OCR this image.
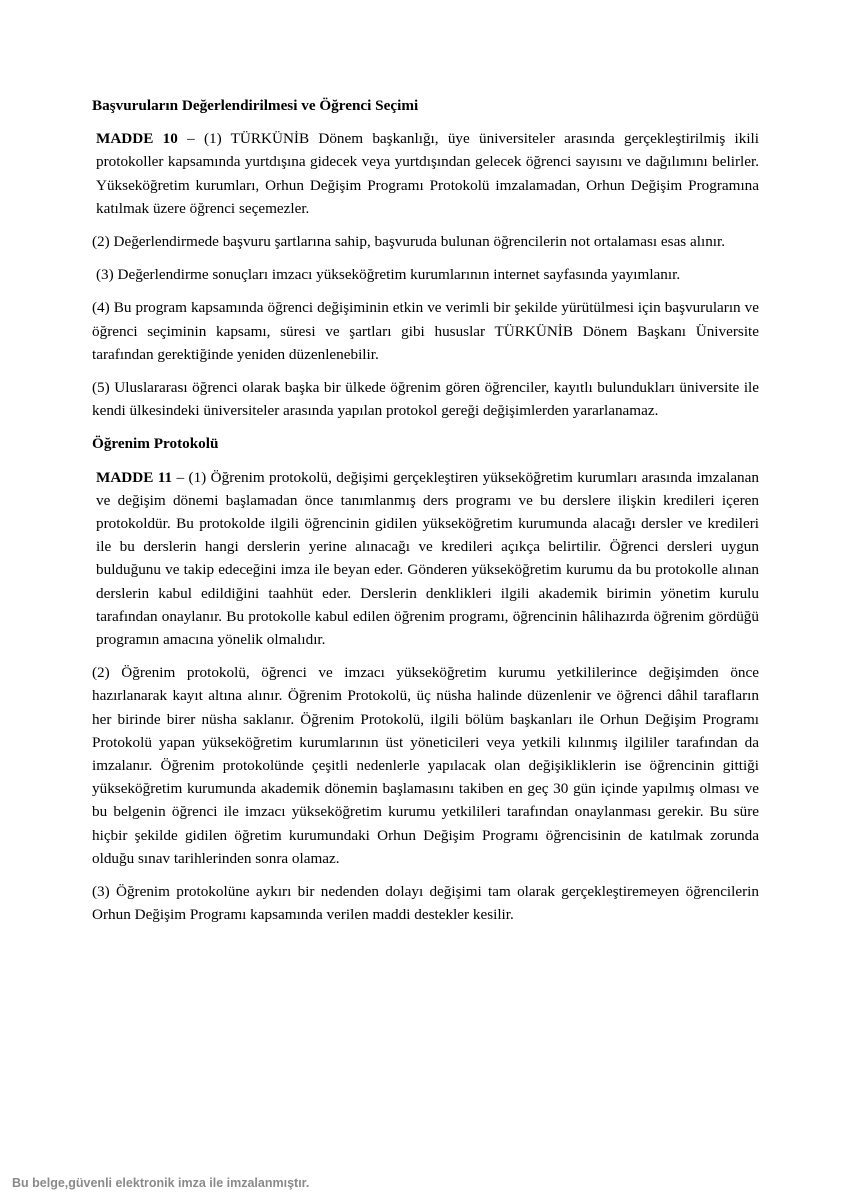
Başvuruların Değerlendirilmesi ve Öğrenci Seçimi

MADDE 10 – (1) TÜRKÜNİB Dönem başkanlığı, üye üniversiteler arasında gerçekleştirilmiş ikili protokoller kapsamında yurtdışına gidecek veya yurtdışından gelecek öğrenci sayısını ve dağılımını belirler. Yükseköğretim kurumları, Orhun Değişim Programı Protokolü imzalamadan, Orhun Değişim Programına katılmak üzere öğrenci seçemezler.

(2) Değerlendirmede başvuru şartlarına sahip, başvuruda bulunan öğrencilerin not ortalaması esas alınır.

(3) Değerlendirme sonuçları imzacı yükseköğretim kurumlarının internet sayfasında yayımlanır.

(4) Bu program kapsamında öğrenci değişiminin etkin ve verimli bir şekilde yürütülmesi için başvuruların ve öğrenci seçiminin kapsamı, süresi ve şartları gibi hususlar TÜRKÜNİB Dönem Başkanı Üniversite tarafından gerektiğinde yeniden düzenlenebilir.

(5) Uluslararası öğrenci olarak başka bir ülkede öğrenim gören öğrenciler, kayıtlı bulundukları üniversite ile kendi ülkesindeki üniversiteler arasında yapılan protokol gereği değişimlerden yararlanamaz.

Öğrenim Protokolü

MADDE 11 – (1) Öğrenim protokolü, değişimi gerçekleştiren yükseköğretim kurumları arasında imzalanan ve değişim dönemi başlamadan önce tanımlanmış ders programı ve bu derslere ilişkin kredileri içeren protokoldür. Bu protokolde ilgili öğrencinin gidilen yükseköğretim kurumunda alacağı dersler ve kredileri ile bu derslerin hangi derslerin yerine alınacağı ve kredileri açıkça belirtilir. Öğrenci dersleri uygun bulduğunu ve takip edeceğini imza ile beyan eder. Gönderen yükseköğretim kurumu da bu protokolle alınan derslerin kabul edildiğini taahhüt eder. Derslerin denklikleri ilgili akademik birimin yönetim kurulu tarafından onaylanır. Bu protokolle kabul edilen öğrenim programı, öğrencinin hâlihazırda öğrenim gördüğü programın amacına yönelik olmalıdır.

(2) Öğrenim protokolü, öğrenci ve imzacı yükseköğretim kurumu yetkililerince değişimden önce hazırlanarak kayıt altına alınır. Öğrenim Protokolü, üç nüsha halinde düzenlenir ve öğrenci dâhil tarafların her birinde birer nüsha saklanır. Öğrenim Protokolü, ilgili bölüm başkanları ile Orhun Değişim Programı Protokolü yapan yükseköğretim kurumlarının üst yöneticileri veya yetkili kılınmış ilgililer tarafından da imzalanır. Öğrenim protokolünde çeşitli nedenlerle yapılacak olan değişikliklerin ise öğrencinin gittiği yükseköğretim kurumunda akademik dönemin başlamasını takiben en geç 30 gün içinde yapılmış olması ve bu belgenin öğrenci ile imzacı yükseköğretim kurumu yetkilileri tarafından onaylanması gerekir. Bu süre hiçbir şekilde gidilen öğretim kurumundaki Orhun Değişim Programı öğrencisinin de katılmak zorunda olduğu sınav tarihlerinden sonra olamaz.

(3) Öğrenim protokolüne aykırı bir nedenden dolayı değişimi tam olarak gerçekleştiremeyen öğrencilerin Orhun Değişim Programı kapsamında verilen maddi destekler kesilir.

Bu belge,güvenli elektronik imza ile imzalanmıştır.
